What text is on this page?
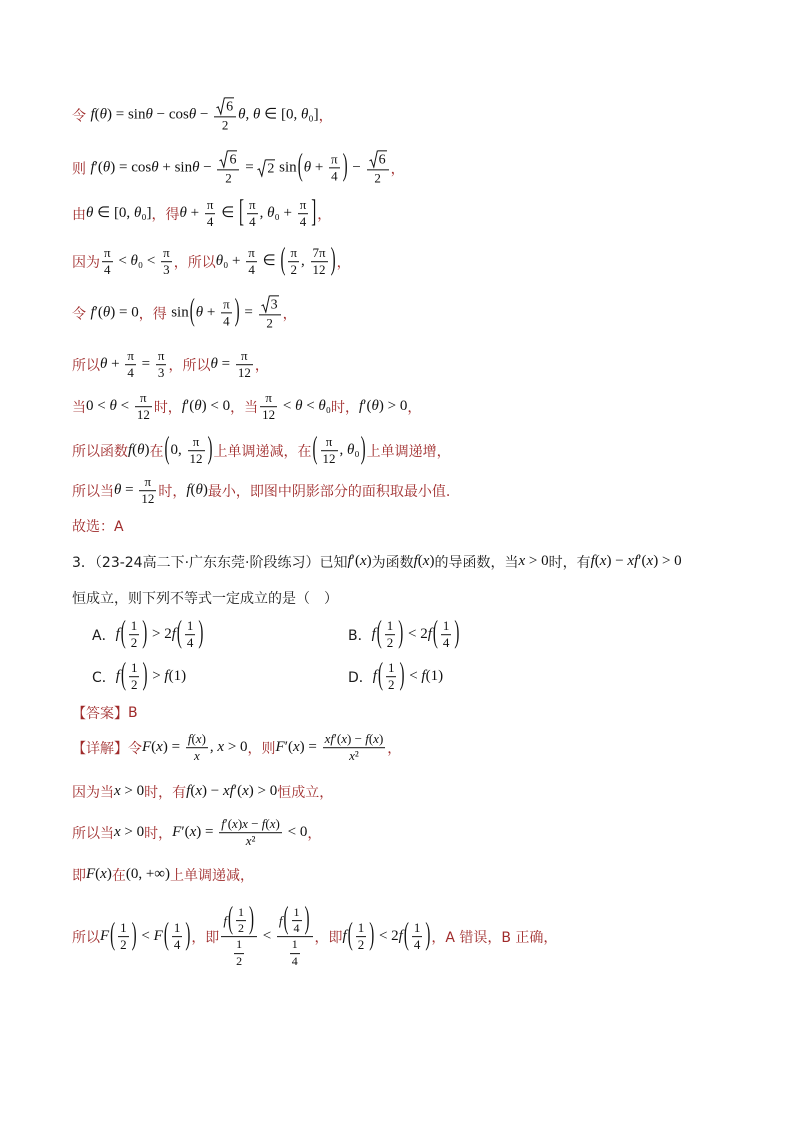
令 $f(\theta) = \sin\theta - \cos\theta - \frac{6}{2} \theta$, θ ∈ [0, θ₀] ，
则 $f'(\theta) = \cos\theta + \sin\theta - \frac{6}{2} = 2$ sin ( $\theta + \frac{\pi}{4}$ ) − $\frac{6}{2}$ ，
由 θ ∈ [0, θ₀] ，得 $\theta + \frac{\pi}{4}$ ∈ [ $\frac{\pi}{4}$ , $\theta_0 + \frac{\pi}{4}$ ] ，
因为 $\frac{\pi}{4} < \theta_0 < \frac{\pi}{3}$ ，所以 $\theta_0 + \frac{\pi}{4}$ ∈ ( $\frac{\pi}{2}$ , $\frac{7\pi}{12}$ ) ，
令 f′(θ) = 0 ，得 sin ( $\theta + \frac{\pi}{4}$ ) = $\frac{3}{2}$ ，
所以 $\theta + \frac{\pi}{4} = \frac{\pi}{3}$ ，所以 $\theta = \frac{\pi}{12}$ ，
当 $0 < \theta < \frac{\pi}{12}$ 时， f′(θ) < 0 ，当 $\frac{\pi}{12} < \theta < \theta_0$ 时， f′(θ) > 0 ，
所以函数 f(θ) 在 ( 0, $\frac{\pi}{12}$ ) 上单调递减，在 ( $\frac{\pi}{12}$ , θ₀ ) 上单调递增，
所以当 $\theta = \frac{\pi}{12}$ 时， f(θ) 最小，即图中阴影部分的面积取最小值.
故选：A
3．（23-24高二下·广东东莞·阶段练习）已知 f′(x) 为函数 f(x) 的导函数，当 x > 0 时，有 f(x) − xf′(x) > 0
恒成立，则下列不等式一定成立的是（　）
A． f ( $\frac{1}{2}$ ) > 2f ( $\frac{1}{4}$ )	B． f ( $\frac{1}{2}$ ) < 2f ( $\frac{1}{4}$ )
C． f ( $\frac{1}{2}$ ) > f(1)	D． f ( $\frac{1}{2}$ ) < f(1)
【答案】 B
【详解】 令 $F(x) = \frac{f(x)}{x}$ , x > 0 ，则 $F'(x) = \frac{xf'(x) - f(x)}{\text{x²}}$ ，
因为当 x > 0 时，有 f(x) − xf′(x) > 0 恒成立，
所以当 x > 0 时， $F'(x) = \frac{f'(x)x - f(x)}{\text{x²}} < 0$ ，
即 F(x) 在 (0, +∞) 上单调递减，
所以 F ( $\frac{1}{2}$ ) < F ( $\frac{1}{4}$ ) ，即 $\frac{f ( \frac{1}{2} )}{\frac{1}{2}} < \frac{f ( \frac{1}{4} )}{\frac{1}{4}}$ ，即 f ( $\frac{1}{2}$ ) < 2f ( $\frac{1}{4}$ ) ，A 错误，B 正确，
